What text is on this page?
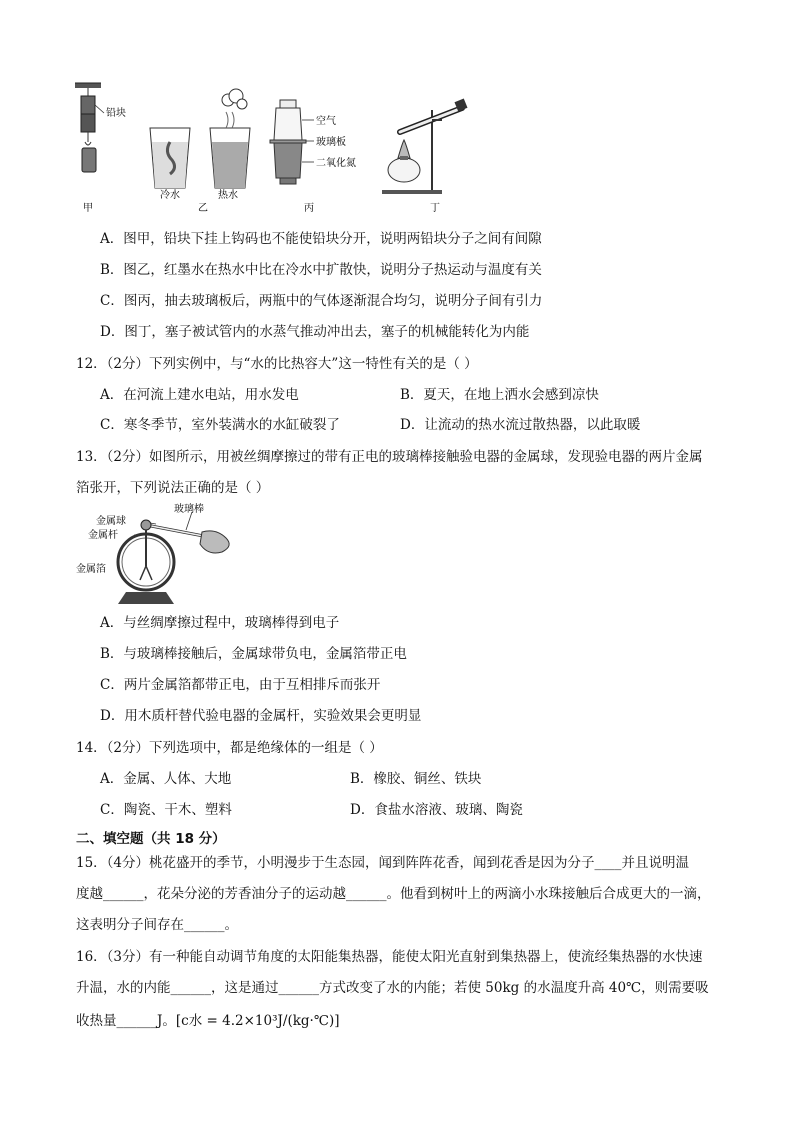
铅块
甲
冷水	热水
乙
空气
玻璃板
二氧化氮
丙	丁
A．图甲，铅块下挂上钩码也不能使铅块分开，说明两铅块分子之间有间隙
B．图乙，红墨水在热水中比在冷水中扩散快，说明分子热运动与温度有关
C．图丙，抽去玻璃板后，两瓶中的气体逐渐混合均匀，说明分子间有引力
D．图丁，塞子被试管内的水蒸气推动冲出去，塞子的机械能转化为内能
12．（2分）下列实例中，与“水的比热容大”这一特性有关的是（ ）
A．在河流上建水电站，用水发电	B．夏天，在地上洒水会感到凉快
C．寒冬季节，室外装满水的水缸破裂了	D．让流动的热水流过散热器，以此取暖
13．（2分）如图所示，用被丝绸摩擦过的带有正电的玻璃棒接触验电器的金属球，发现验电器的两片金属
箔张开，下列说法正确的是（ ）
玻璃棒
金属球
金属杆
金属箔
A．与丝绸摩擦过程中，玻璃棒得到电子
B．与玻璃棒接触后，金属球带负电，金属箔带正电
C．两片金属箔都带正电，由于互相排斥而张开
D．用木质杆替代验电器的金属杆，实验效果会更明显
14．（2分）下列选项中，都是绝缘体的一组是（ ）
A．金属、人体、大地	B．橡胶、铜丝、铁块
C．陶瓷、干木、塑料	D．食盐水溶液、玻璃、陶瓷
二、填空题（共 18 分）
15．（4分）桃花盛开的季节，小明漫步于生态园，闻到阵阵花香，闻到花香是因为分子____并且说明温
度越______，花朵分泌的芳香油分子的运动越______。他看到树叶上的两滴小水珠接触后合成更大的一滴，
这表明分子间存在______。
16．（3分）有一种能自动调节角度的太阳能集热器，能使太阳光直射到集热器上，使流经集热器的水快速
升温，水的内能______，这是通过______方式改变了水的内能；若使 50kg 的水温度升高 40℃，则需要吸
收热量______J。[c水 = 4.2×10³J/(kg·℃)]
